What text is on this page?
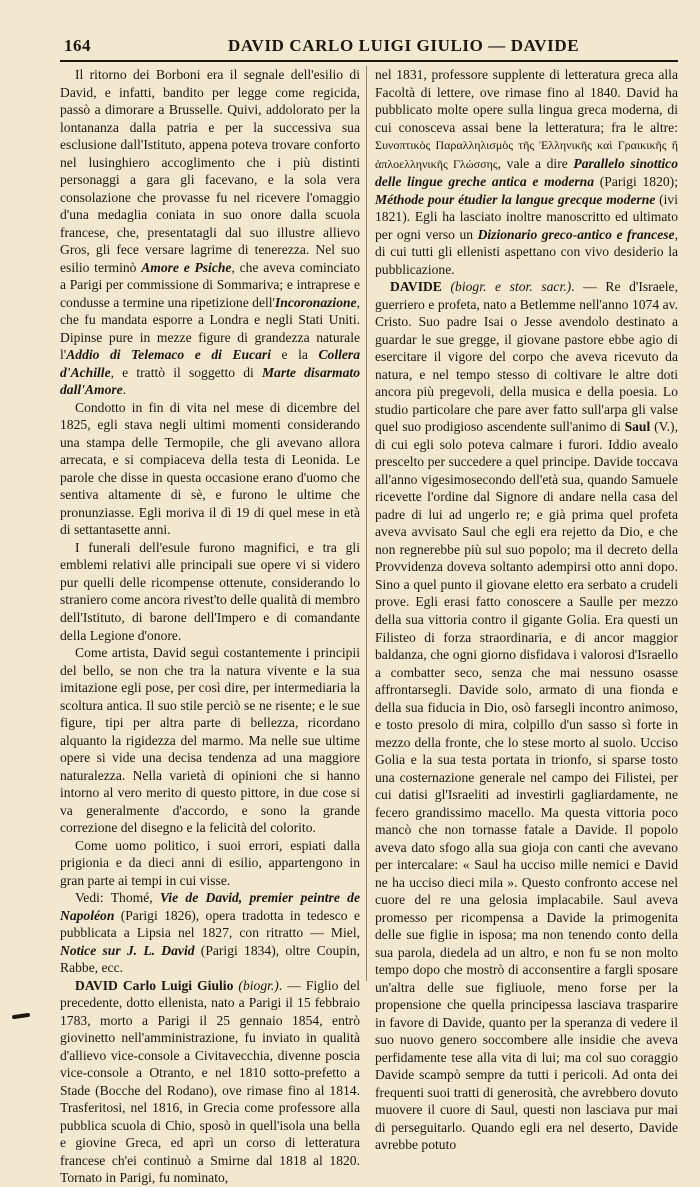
164	DAVID CARLO LUIGI GIULIO — DAVIDE

Il ritorno dei Borboni era il segnale dell'esilio di David, e infatti, bandito per legge come regicida, passò a dimorare a Brusselle. Quivi, addolorato per la lontananza dalla patria e per la successiva sua esclusione dall'Istituto, appena poteva trovare conforto nel lusinghiero accoglimento che i più distinti personaggi a gara gli facevano, e la sola vera consolazione che provasse fu nel ricevere l'omaggio d'una medaglia coniata in suo onore dalla scuola francese, che, presentatagli dal suo illustre allievo Gros, gli fece versare lagrime di tenerezza. Nel suo esilio terminò Amore e Psiche, che aveva cominciato a Parigi per commissione di Sommariva; e intraprese e condusse a termine una ripetizione dell'Incoronazione, che fu mandata esporre a Londra e negli Stati Uniti. Dipinse pure in mezze figure di grandezza naturale l'Addio di Telemaco e di Eucari e la Collera d'Achille, e trattò il soggetto di Marte disarmato dall'Amore.

Condotto in fin di vita nel mese di dicembre del 1825, egli stava negli ultimi momenti considerando una stampa delle Termopile, che gli avevano allora arrecata, e si compiaceva della testa di Leonida. Le parole che disse in questa occasione erano d'uomo che sentiva altamente di sè, e furono le ultime che pronunziasse. Egli moriva il dì 19 di quel mese in età di settantasette anni.

I funerali dell'esule furono magnifici, e tra gli emblemi relativi alle principali sue opere vi si videro pur quelli delle ricompense ottenute, considerando lo straniero come ancora rivest'to delle qualità di membro dell'Istituto, di barone dell'Impero e di comandante della Legione d'onore.

Come artista, David seguì costantemente i principii del bello, se non che tra la natura vivente e la sua imitazione egli pose, per così dire, per intermediaria la scoltura antica. Il suo stile perciò se ne risente; e le sue figure, tipi per altra parte di bellezza, ricordano alquanto la rigidezza del marmo. Ma nelle sue ultime opere si vide una decisa tendenza ad una maggiore naturalezza. Nella varietà di opinioni che si hanno intorno al vero merito di questo pittore, in due cose si va generalmente d'accordo, e sono la grande correzione del disegno e la felicità del colorito.

Come uomo politico, i suoi errori, espiati dalla prigionia e da dieci anni di esilio, appartengono in gran parte ai tempi in cui visse.

Vedi: Thomé, Vie de David, premier peintre de Napoléon (Parigi 1826), opera tradotta in tedesco e pubblicata a Lipsia nel 1827, con ritratto — Miel, Notice sur J. L. David (Parigi 1834), oltre Coupin, Rabbe, ecc.

DAVID Carlo Luigi Giulio (biogr.). — Figlio del precedente, dotto ellenista, nato a Parigi il 15 febbraio 1783, morto a Parigi il 25 gennaio 1854, entrò giovinetto nell'amministrazione, fu inviato in qualità d'allievo vice-console a Civitavecchia, divenne poscia vice-console a Otranto, e nel 1810 sotto-prefetto a Stade (Bocche del Rodano), ove rimase fino al 1814. Trasferitosi, nel 1816, in Grecia come professore alla pubblica scuola di Chio, sposò in quell'isola una bella e giovine Greca, ed aprì un corso di letteratura francese ch'ei continuò a Smirne dal 1818 al 1820. Tornato in Parigi, fu nominato,

nel 1831, professore supplente di letteratura greca alla Facoltà di lettere, ove rimase fino al 1840. David ha pubblicato molte opere sulla lingua greca moderna, di cui conosceva assai bene la letteratura; fra le altre: Συνοπτικὸς Παραλληλισμὸς τῆς Ἑλληνικῆς καὶ Γραικικῆς ἢ ἁπλοελληνικῆς Γλώσσης, vale a dire Parallelo sinottico delle lingue greche antica e moderna (Parigi 1820); Méthode pour étudier la langue grecque moderne (ivi 1821). Egli ha lasciato inoltre manoscritto ed ultimato per ogni verso un Dizionario greco-antico e francese, di cui tutti gli ellenisti aspettano con vivo desiderio la pubblicazione.

DAVIDE (biogr. e stor. sacr.). — Re d'Israele, guerriero e profeta, nato a Betlemme nell'anno 1074 av. Cristo. Suo padre Isai o Jesse avendolo destinato a guardar le sue gregge, il giovane pastore ebbe agio di esercitare il vigore del corpo che aveva ricevuto da natura, e nel tempo stesso di coltivare le altre doti ancora più pregevoli, della musica e della poesia. Lo studio particolare che pare aver fatto sull'arpa gli valse quel suo prodigioso ascendente sull'animo di Saul (V.), di cui egli solo poteva calmare i furori. Iddio avealo prescelto per succedere a quel principe. Davide toccava all'anno vigesimosecondo dell'età sua, quando Samuele ricevette l'ordine dal Signore di andare nella casa del padre di lui ad ungerlo re; e già prima quel profeta aveva avvisato Saul che egli era rejetto da Dio, e che non regnerebbe più sul suo popolo; ma il decreto della Provvidenza doveva soltanto adempirsi otto anni dopo. Sino a quel punto il giovane eletto era serbato a crudeli prove. Egli erasi fatto conoscere a Saulle per mezzo della sua vittoria contro il gigante Golia. Era questi un Filisteo di forza straordinaria, e di ancor maggior baldanza, che ogni giorno disfidava i valorosi d'Israello a combatter seco, senza che mai nessuno osasse affrontarsegli. Davide solo, armato di una fionda e della sua fiducia in Dio, osò farsegli incontro animoso, e tosto presolo di mira, colpillo d'un sasso sì forte in mezzo della fronte, che lo stese morto al suolo. Ucciso Golia e la sua testa portata in trionfo, si sparse tosto una costernazione generale nel campo dei Filistei, per cui datisi gl'Israeliti ad investirli gagliardamente, ne fecero grandissimo macello. Ma questa vittoria poco mancò che non tornasse fatale a Davide. Il popolo aveva dato sfogo alla sua gioja con canti che avevano per intercalare: « Saul ha ucciso mille nemici e David ne ha ucciso dieci mila ». Questo confronto accese nel cuore del re una gelosia implacabile. Saul aveva promesso per ricompensa a Davide la primogenita delle sue figlie in isposa; ma non tenendo conto della sua parola, diedela ad un altro, e non fu se non molto tempo dopo che mostrò di acconsentire a fargli sposare un'altra delle sue figliuole, meno forse per la propensione che quella principessa lasciava trasparire in favore di Davide, quanto per la speranza di vedere il suo nuovo genero soccombere alle insidie che aveva perfidamente tese alla vita di lui; ma col suo coraggio Davide scampò sempre da tutti i pericoli. Ad onta dei frequenti suoi tratti di generosità, che avrebbero dovuto muovere il cuore di Saul, questi non lasciava pur mai di perseguitarlo. Quando egli era nel deserto, Davide avrebbe potuto
